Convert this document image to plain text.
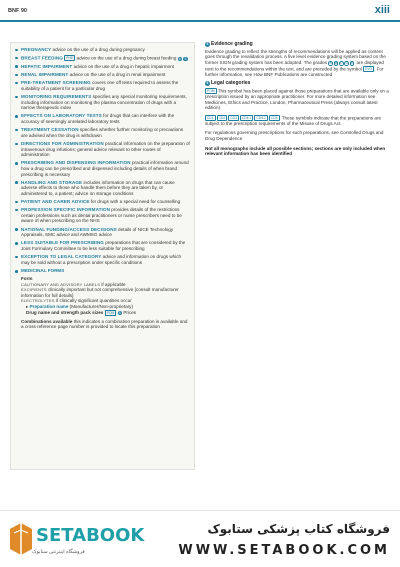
BNF 90	xiii
PREGNANCY advice on the use of a drug during pregnancy
BREAST FEEDING PHE advice on the use of a drug during breast feeding A 5
HEPATIC IMPAIRMENT advice on the use of a drug in hepatic impairment
RENAL IMPAIRMENT advice on the use of a drug in renal impairment
PRE-TREATMENT SCREENING covers one off tests required to assess the suitability of a patient for a particular drug
MONITORING REQUIREMENTS specifies any special monitoring requirements, including information on monitoring the plasma concentration of drugs with a narrow therapeutic index
EFFECTS ON LABORATORY TESTS for drugs that can interfere with the accuracy of seemingly unrelated laboratory tests
TREATMENT CESSATION specifies whether further monitoring or precautions are advised when the drug is withdrawn
DIRECTIONS FOR ADMINISTRATION practical information on the preparation of intravenous drug infusions; general advice relevant to other routes of administration
PRESCRIBING AND DISPENSING INFORMATION practical information around how a drug can be prescribed and dispensed including details of when brand prescribing is necessary
HANDLING AND STORAGE includes information on drugs that can cause adverse effects to those who handle them before they are taken by, or administered to, a patient; advice on storage conditions
PATIENT AND CARER ADVICE for drugs with a special need for counselling
PROFESSION SPECIFIC INFORMATION provides details of the restrictions certain professions such as dental practitioners or nurse prescribers need to be aware of when prescribing on the NHS
NATIONAL FUNDING/ACCESS DECISIONS details of NICE Technology Appraisals, SMC advice and AWMSG advice
LESS SUITABLE FOR PRESCRIBING preparations that are considered by the Joint Formulary Committee to be less suitable for prescribing
EXCEPTION TO LEGAL CATEGORY advice and information on drugs which may be sold without a prescription under specific conditions
MEDICINAL FORMS
Form
CAUTIONARY AND ADVISORY LABELS if applicable
EXCIPIENTS clinically important but not comprehensive [consult manufacturer information for full details]
ELECTROLYTES if clinically significant quantities occur
▸ Preparation name (Manufacturer/Non-proprietary)
Drug name and strength pack sizes POM 6 Prices
Combinations available this indicates a combination preparation is available and a cross reference page number is provided to locate this preparation
5 Evidence grading
Evidence grading to reflect the strengths of recommendations will be applied as content goes through the revalidation process. A five level evidence grading system based on the former SIGN grading system has been adopted. The grades A B C D E are displayed next to the recommendations within the text, and are preceded by the symbol EVG . For further information, see How BNF Publications are constructed
6 Legal categories
POM This symbol has been placed against those preparations that are available only on a prescription issued by an appropriate practitioner. For more detailed information see Medicines, Ethics and Practice, London, Pharmaceutical Press (always consult latest edition)
CD1 CD2 CD3 CD4-1 CD4-2 CD5 These symbols indicate that the preparations are subject to the prescription requirements of the Misuse of Drugs Act.
For regulations governing prescriptions for such preparations, see Controlled Drugs and Drug Dependence
Not all monographs include all possible sections; sections are only included when relevant information has been identified
SETABOOK
فروشگاه اینترنتی ستابوک
فروشگاه کتاب پزشکی ستابوک
WWW.SETABOOK.COM
